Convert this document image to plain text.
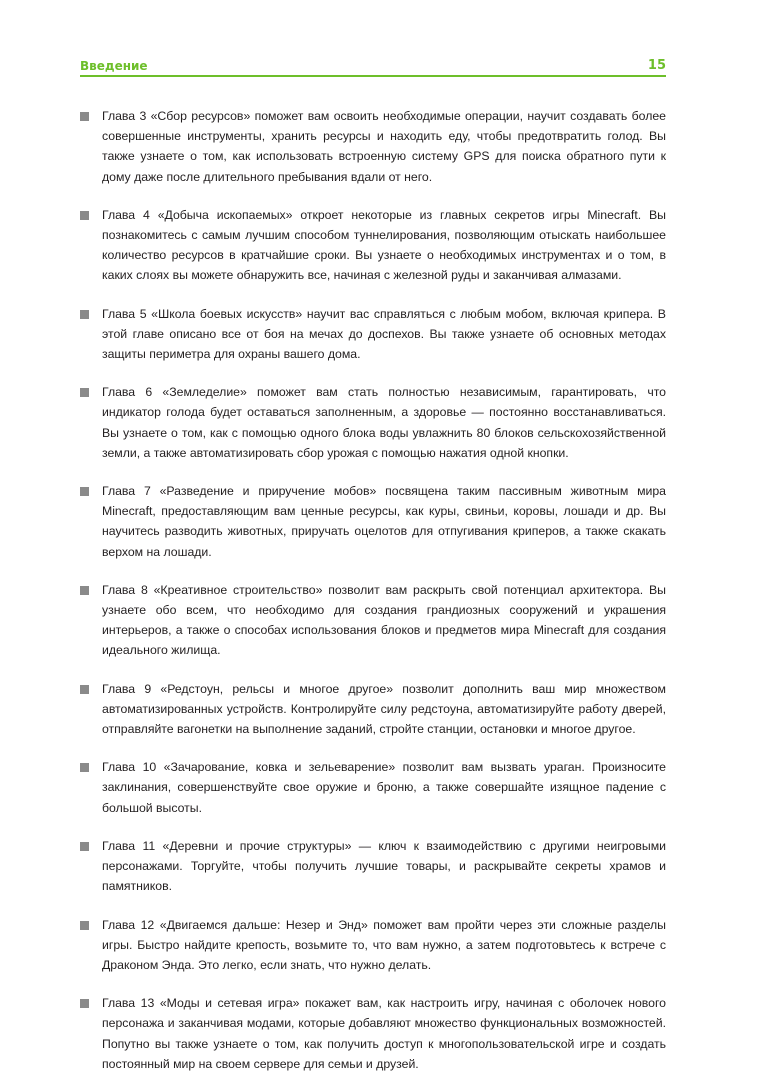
Введение	15
Глава 3 «Сбор ресурсов» поможет вам освоить необходимые операции, научит создавать более совершенные инструменты, хранить ресурсы и находить еду, чтобы предотвратить голод. Вы также узнаете о том, как использовать встроенную систему GPS для поиска обратного пути к дому даже после длительного пребывания вдали от него.
Глава 4 «Добыча ископаемых» откроет некоторые из главных секретов игры Minecraft. Вы познакомитесь с самым лучшим способом туннелирования, позволяющим отыскать наибольшее количество ресурсов в кратчайшие сроки. Вы узнаете о необходимых инструментах и о том, в каких слоях вы можете обнаружить все, начиная с железной руды и заканчивая алмазами.
Глава 5 «Школа боевых искусств» научит вас справляться с любым мобом, включая крипера. В этой главе описано все от боя на мечах до доспехов. Вы также узнаете об основных методах защиты периметра для охраны вашего дома.
Глава 6 «Земледелие» поможет вам стать полностью независимым, гарантировать, что индикатор голода будет оставаться заполненным, а здоровье — постоянно восстанавливаться. Вы узнаете о том, как с помощью одного блока воды увлажнить 80 блоков сельскохозяйственной земли, а также автоматизировать сбор урожая с помощью нажатия одной кнопки.
Глава 7 «Разведение и приручение мобов» посвящена таким пассивным животным мира Minecraft, предоставляющим вам ценные ресурсы, как куры, свиньи, коровы, лошади и др. Вы научитесь разводить животных, приручать оцелотов для отпугивания криперов, а также скакать верхом на лошади.
Глава 8 «Креативное строительство» позволит вам раскрыть свой потенциал архитектора. Вы узнаете обо всем, что необходимо для создания грандиозных сооружений и украшения интерьеров, а также о способах использования блоков и предметов мира Minecraft для создания идеального жилища.
Глава 9 «Редстоун, рельсы и многое другое» позволит дополнить ваш мир множеством автоматизированных устройств. Контролируйте силу редстоуна, автоматизируйте работу дверей, отправляйте вагонетки на выполнение заданий, стройте станции, остановки и многое другое.
Глава 10 «Зачарование, ковка и зельеварение» позволит вам вызвать ураган. Произносите заклинания, совершенствуйте свое оружие и броню, а также совершайте изящное падение с большой высоты.
Глава 11 «Деревни и прочие структуры» — ключ к взаимодействию с другими неигровыми персонажами. Торгуйте, чтобы получить лучшие товары, и раскрывайте секреты храмов и памятников.
Глава 12 «Двигаемся дальше: Незер и Энд» поможет вам пройти через эти сложные разделы игры. Быстро найдите крепость, возьмите то, что вам нужно, а затем подготовьтесь к встрече с Драконом Энда. Это легко, если знать, что нужно делать.
Глава 13 «Моды и сетевая игра» покажет вам, как настроить игру, начиная с оболочек нового персонажа и заканчивая модами, которые добавляют множество функциональных возможностей. Попутно вы также узнаете о том, как получить доступ к многопользовательской игре и создать постоянный мир на своем сервере для семьи и друзей.
